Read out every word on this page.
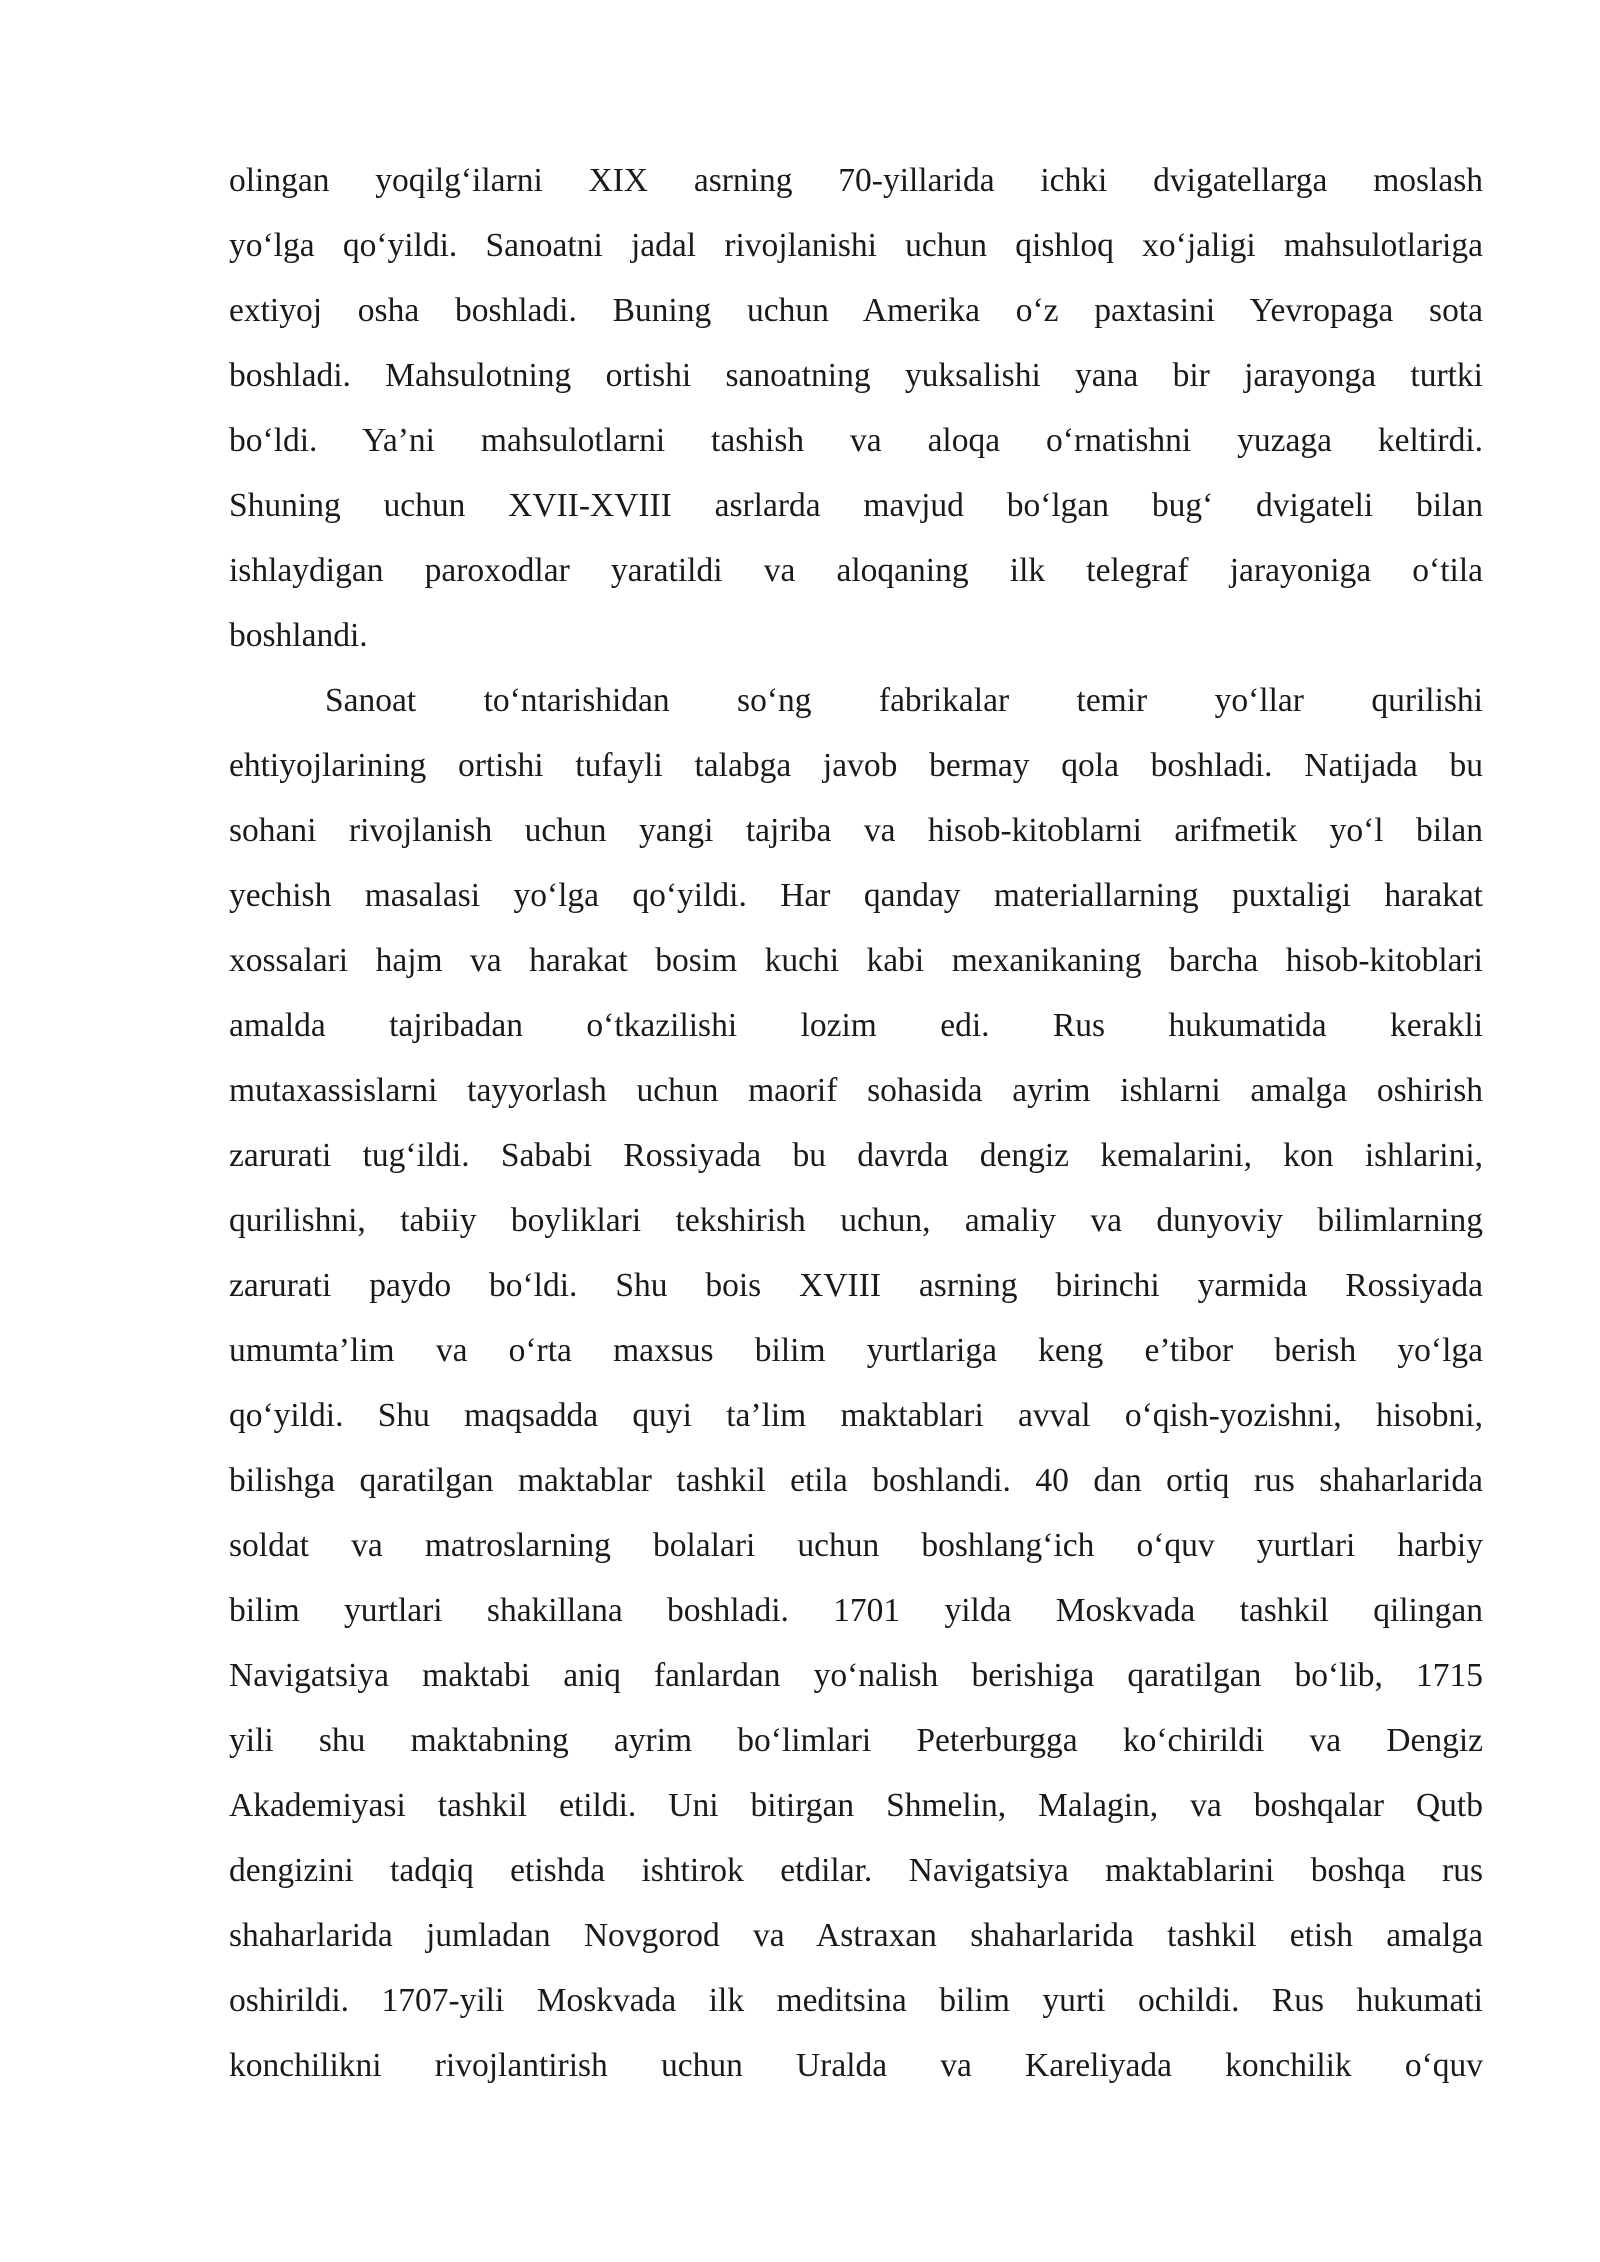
olingan yoqilg‘ilarni XIX asrning 70-yillarida ichki dvigatellarga moslash
yo‘lga qo‘yildi. Sanoatni jadal rivojlanishi uchun qishloq xo‘jaligi mahsulotlariga
extiyoj osha boshladi. Buning uchun Amerika o‘z paxtasini Yevropaga sota
boshladi. Mahsulotning ortishi sanoatning yuksalishi yana bir jarayonga turtki
bo‘ldi. Ya’ni mahsulotlarni tashish va aloqa o‘rnatishni yuzaga keltirdi.
Shuning uchun XVII-XVIII asrlarda mavjud bo‘lgan bug‘ dvigateli bilan
ishlaydigan paroxodlar yaratildi va aloqaning ilk telegraf jarayoniga o‘tila
boshlandi.
Sanoat to‘ntarishidan so‘ng fabrikalar temir yo‘llar qurilishi
ehtiyojlarining ortishi tufayli talabga javob bermay qola boshladi. Natijada bu
sohani rivojlanish uchun yangi tajriba va hisob-kitoblarni arifmetik yo‘l bilan
yechish masalasi yo‘lga qo‘yildi. Har qanday materiallarning puxtaligi harakat
xossalari hajm va harakat bosim kuchi kabi mexanikaning barcha hisob-kitoblari
amalda tajribadan o‘tkazilishi lozim edi. Rus hukumatida kerakli
mutaxassislarni tayyorlash uchun maorif sohasida ayrim ishlarni amalga oshirish
zarurati tug‘ildi. Sababi Rossiyada bu davrda dengiz kemalarini, kon ishlarini,
qurilishni, tabiiy boyliklari tekshirish uchun, amaliy va dunyoviy bilimlarning
zarurati paydo bo‘ldi. Shu bois XVIII asrning birinchi yarmida Rossiyada
umumta’lim va o‘rta maxsus bilim yurtlariga keng e’tibor berish yo‘lga
qo‘yildi. Shu maqsadda quyi ta’lim maktablari avval o‘qish-yozishni, hisobni,
bilishga qaratilgan maktablar tashkil etila boshlandi. 40 dan ortiq rus shaharlarida
soldat va matroslarning bolalari uchun boshlang‘ich o‘quv yurtlari harbiy
bilim yurtlari shakillana boshladi. 1701 yilda Moskvada tashkil qilingan
Navigatsiya maktabi aniq fanlardan yo‘nalish berishiga qaratilgan bo‘lib, 1715
yili shu maktabning ayrim bo‘limlari Peterburgga ko‘chirildi va Dengiz
Akademiyasi tashkil etildi. Uni bitirgan Shmelin, Malagin, va boshqalar Qutb
dengizini tadqiq etishda ishtirok etdilar. Navigatsiya maktablarini boshqa rus
shaharlarida jumladan Novgorod va Astraxan shaharlarida tashkil etish amalga
oshirildi. 1707-yili Moskvada ilk meditsina bilim yurti ochildi. Rus hukumati
konchilikni rivojlantirish uchun Uralda va Kareliyada konchilik o‘quv
